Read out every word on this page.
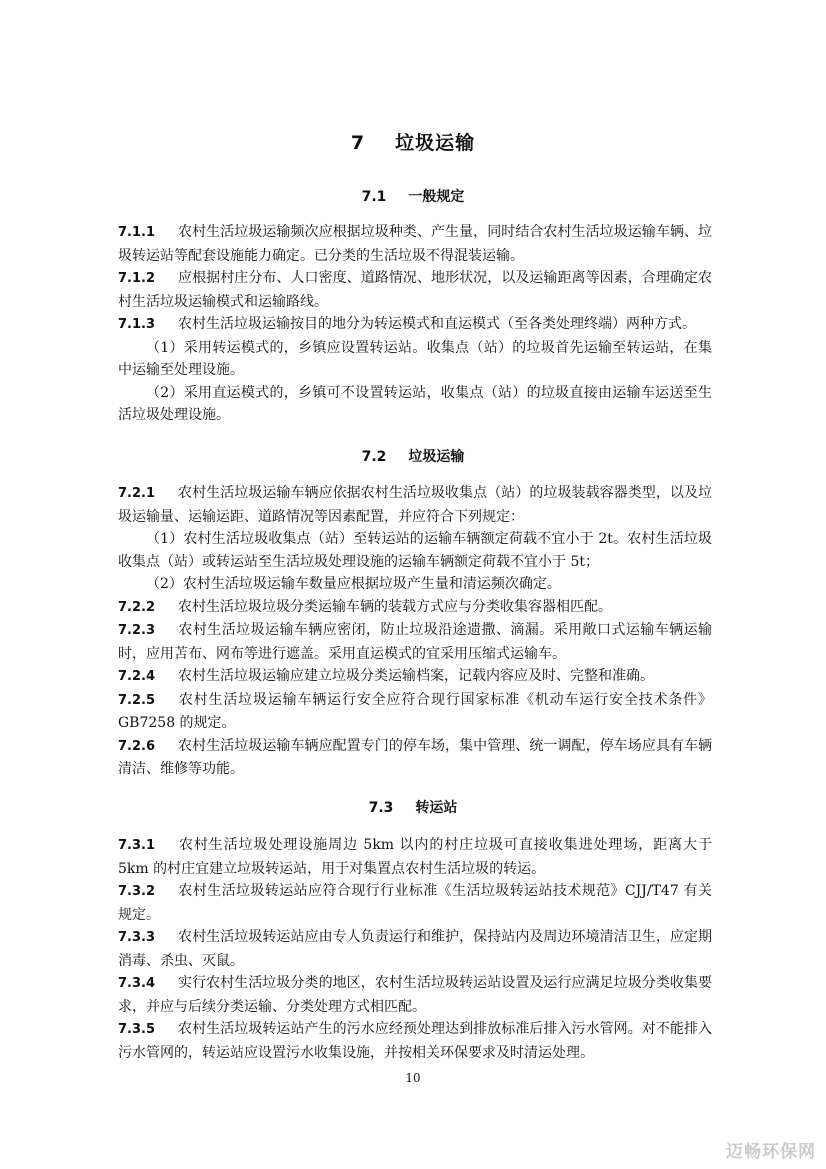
7 垃圾运输
7.1 一般规定
7.1.1 农村生活垃圾运输频次应根据垃圾种类、产生量，同时结合农村生活垃圾运输车辆、垃圾转运站等配套设施能力确定。已分类的生活垃圾不得混装运输。
7.1.2 应根据村庄分布、人口密度、道路情况、地形状况，以及运输距离等因素，合理确定农村生活垃圾运输模式和运输路线。
7.1.3 农村生活垃圾运输按目的地分为转运模式和直运模式（至各类处理终端）两种方式。
（1）采用转运模式的，乡镇应设置转运站。收集点（站）的垃圾首先运输至转运站，在集中运输至处理设施。
（2）采用直运模式的，乡镇可不设置转运站，收集点（站）的垃圾直接由运输车运送至生活垃圾处理设施。
7.2 垃圾运输
7.2.1 农村生活垃圾运输车辆应依据农村生活垃圾收集点（站）的垃圾装载容器类型，以及垃圾运输量、运输运距、道路情况等因素配置，并应符合下列规定：
（1）农村生活垃圾收集点（站）至转运站的运输车辆额定荷载不宜小于 2t。农村生活垃圾收集点（站）或转运站至生活垃圾处理设施的运输车辆额定荷载不宜小于 5t；
（2）农村生活垃圾运输车数量应根据垃圾产生量和清运频次确定。
7.2.2 农村生活垃圾垃圾分类运输车辆的装载方式应与分类收集容器相匹配。
7.2.3 农村生活垃圾运输车辆应密闭，防止垃圾沿途遗撒、滴漏。采用敞口式运输车辆运输时，应用苫布、网布等进行遮盖。采用直运模式的宜采用压缩式运输车。
7.2.4 农村生活垃圾运输应建立垃圾分类运输档案，记载内容应及时、完整和准确。
7.2.5 农村生活垃圾运输车辆运行安全应符合现行国家标准《机动车运行安全技术条件》GB7258 的规定。
7.2.6 农村生活垃圾运输车辆应配置专门的停车场，集中管理、统一调配，停车场应具有车辆清洁、维修等功能。
7.3 转运站
7.3.1 农村生活垃圾处理设施周边 5km 以内的村庄垃圾可直接收集进处理场，距离大于 5km 的村庄宜建立垃圾转运站，用于对集置点农村生活垃圾的转运。
7.3.2 农村生活垃圾转运站应符合现行行业标准《生活垃圾转运站技术规范》CJJ/T47 有关规定。
7.3.3 农村生活垃圾转运站应由专人负责运行和维护，保持站内及周边环境清洁卫生，应定期消毒、杀虫、灭鼠。
7.3.4 实行农村生活垃圾分类的地区，农村生活垃圾转运站设置及运行应满足垃圾分类收集要求，并应与后续分类运输、分类处理方式相匹配。
7.3.5 农村生活垃圾转运站产生的污水应经预处理达到排放标准后排入污水管网。对不能排入污水管网的，转运站应设置污水收集设施，并按相关环保要求及时清运处理。
10
迈畅环保网
